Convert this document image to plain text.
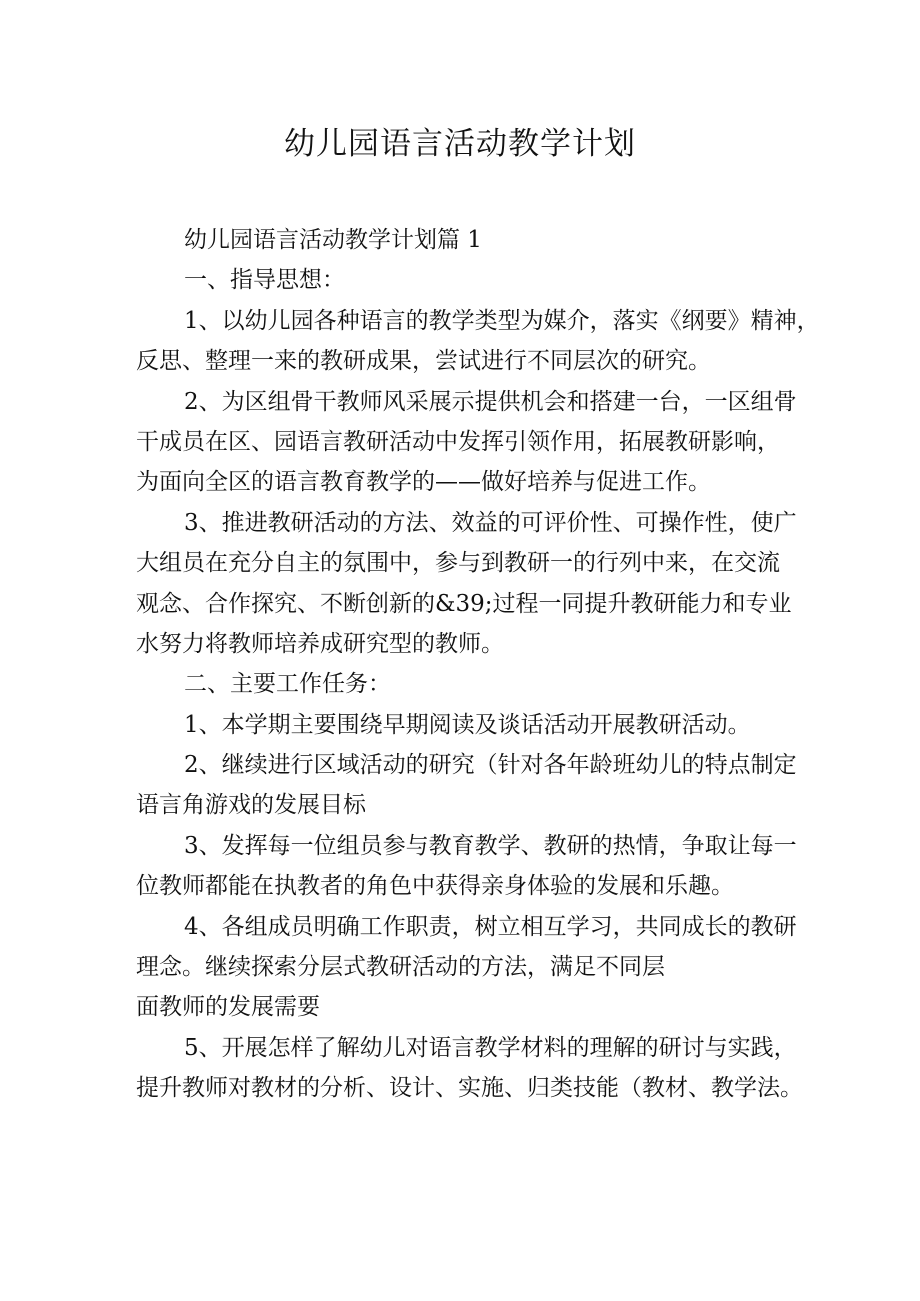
幼儿园语言活动教学计划
幼儿园语言活动教学计划篇 1
一、指导思想：
1、以幼儿园各种语言的教学类型为媒介，落实《纲要》精神，
反思、整理一来的教研成果，尝试进行不同层次的研究。
2、为区组骨干教师风采展示提供机会和搭建一台，一区组骨
干成员在区、园语言教研活动中发挥引领作用，拓展教研影响，
为面向全区的语言教育教学的——做好培养与促进工作。
3、推进教研活动的方法、效益的可评价性、可操作性，使广
大组员在充分自主的氛围中，参与到教研一的行列中来，在交流
观念、合作探究、不断创新的&39;过程一同提升教研能力和专业
水努力将教师培养成研究型的教师。
二、主要工作任务：
1、本学期主要围绕早期阅读及谈话活动开展教研活动。
2、继续进行区域活动的研究（针对各年龄班幼儿的特点制定
语言角游戏的发展目标
3、发挥每一位组员参与教育教学、教研的热情，争取让每一
位教师都能在执教者的角色中获得亲身体验的发展和乐趣。
4、各组成员明确工作职责，树立相互学习，共同成长的教研
理念。继续探索分层式教研活动的方法，满足不同层
面教师的发展需要
5、开展怎样了解幼儿对语言教学材料的理解的研讨与实践，
提升教师对教材的分析、设计、实施、归类技能（教材、教学法。
